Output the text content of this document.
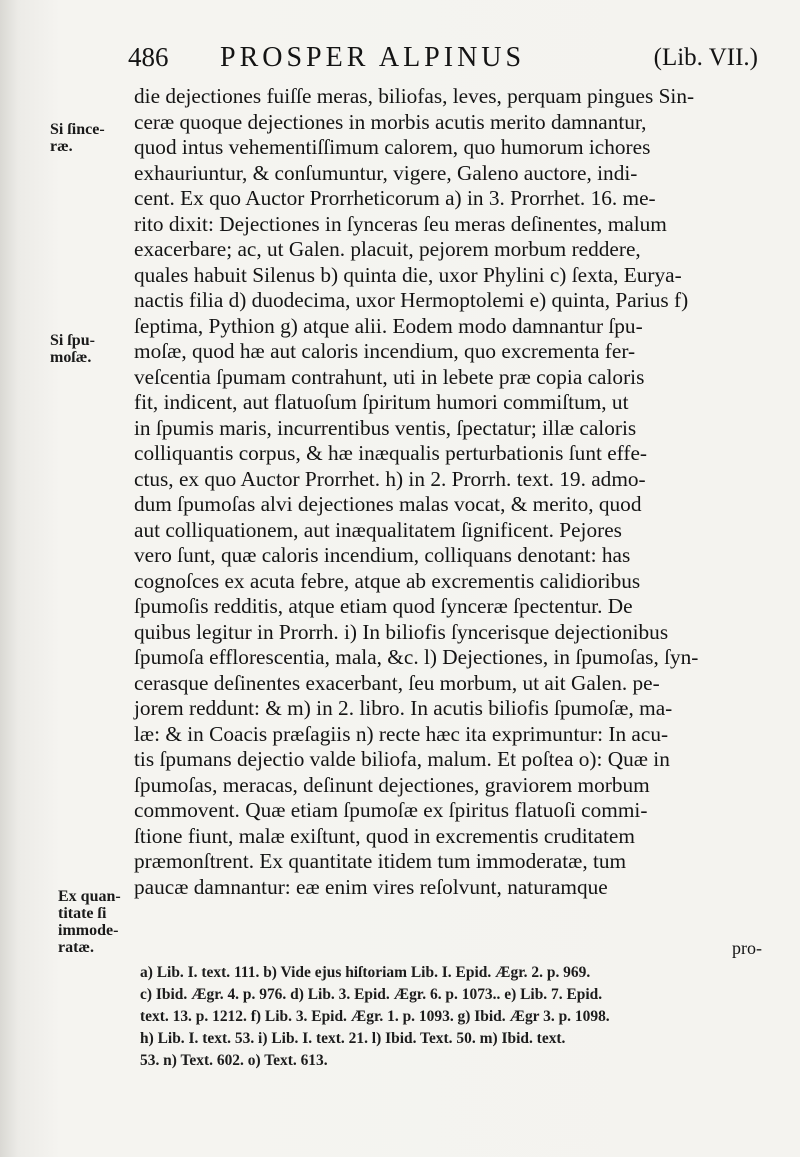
486 PROSPER ALPINUS	(Lib. VII.)
Si ſince-
ræ.
Si ſpu-
moſæ.
Ex quan-
titate ſi
immode-
ratæ.
die dejectiones fuiſſe meras, biliofas, leves, perquam pingues Sin-
ceræ quoque dejectiones in morbis acutis merito damnantur,
quod intus vehementiſſimum calorem, quo humorum ichores
exhauriuntur, & conſumuntur, vigere, Galeno auctore, indi-
cent. Ex quo Auctor Prorrheticorum a) in 3. Prorrhet. 16. me-
rito dixit: Dejectiones in ſynceras ſeu meras deſinentes, malum
exacerbare; ac, ut Galen. placuit, pejorem morbum reddere,
quales habuit Silenus b) quinta die, uxor Phylini c) ſexta, Eurya-
nactis filia d) duodecima, uxor Hermoptolemi e) quinta, Parius f)
ſeptima, Pythion g) atque alii. Eodem modo damnantur ſpu-
moſæ, quod hæ aut caloris incendium, quo excrementa fer-
veſcentia ſpumam contrahunt, uti in lebete præ copia caloris
fit, indicent, aut flatuoſum ſpiritum humori commiſtum, ut
in ſpumis maris, incurrentibus ventis, ſpectatur; illæ caloris
colliquantis corpus, & hæ inæqualis perturbationis ſunt effe-
ctus, ex quo Auctor Prorrhet. h) in 2. Prorrh. text. 19. admo-
dum ſpumoſas alvi dejectiones malas vocat, & merito, quod
aut colliquationem, aut inæqualitatem ſignificent. Pejores
vero ſunt, quæ caloris incendium, colliquans denotant: has
cognoſces ex acuta febre, atque ab excrementis calidioribus
ſpumoſis redditis, atque etiam quod ſynceræ ſpectentur. De
quibus legitur in Prorrh. i) In biliofis ſyncerisque dejectionibus
ſpumoſa efflorescentia, mala, &c. l) Dejectiones, in ſpumoſas, ſyn-
cerasque deſinentes exacerbant, ſeu morbum, ut ait Galen. pe-
jorem reddunt: & m) in 2. libro. In acutis biliofis ſpumoſæ, ma-
læ: & in Coacis præſagiis n) recte hæc ita exprimuntur: In acu-
tis ſpumans dejectio valde biliofa, malum. Et poſtea o): Quæ in
ſpumoſas, meracas, deſinunt dejectiones, graviorem morbum
commovent. Quæ etiam ſpumoſæ ex ſpiritus flatuoſi commi-
ſtione fiunt, malæ exiſtunt, quod in excrementis cruditatem
præmonſtrent. Ex quantitate itidem tum immoderatæ, tum
paucæ damnantur: eæ enim vires reſolvunt, naturamque
pro-
a) Lib. I. text. 111. b) Vide ejus hiſtoriam Lib. I. Epid. Ægr. 2. p. 969.
c) Ibid. Ægr. 4. p. 976. d) Lib. 3. Epid. Ægr. 6. p. 1073.. e) Lib. 7. Epid.
text. 13. p. 1212. f) Lib. 3. Epid. Ægr. 1. p. 1093. g) Ibid. Ægr 3. p. 1098.
h) Lib. I. text. 53. i) Lib. I. text. 21. l) Ibid. Text. 50. m) Ibid. text.
53. n) Text. 602. o) Text. 613.
